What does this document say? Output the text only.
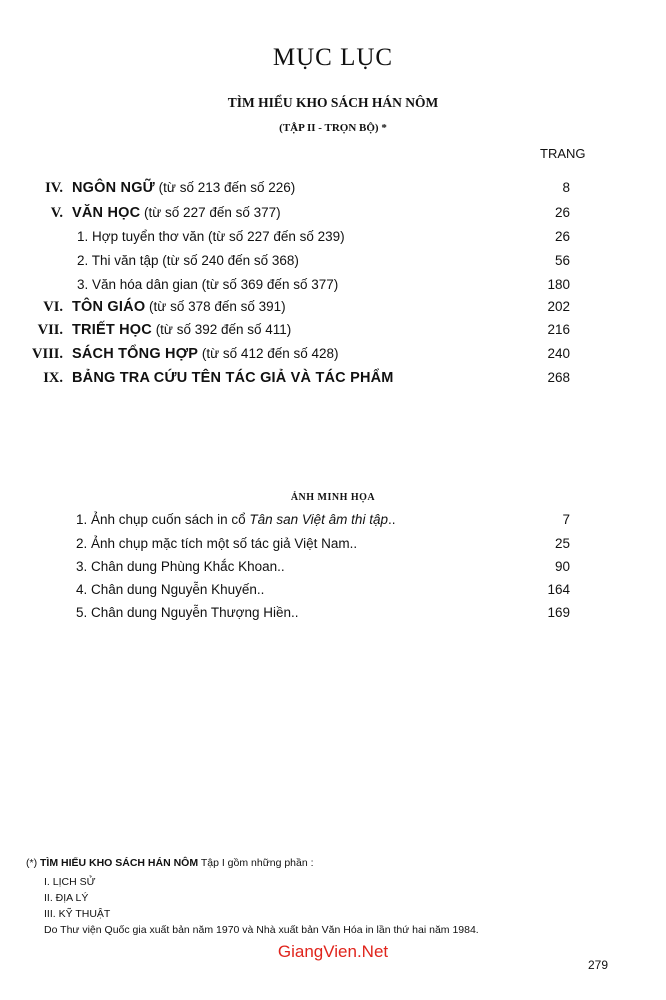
MỤC LỤC
TÌM HIỂU KHO SÁCH HÁN NÔM
(TẬP II - TRỌN BỘ) *
TRANG
IV. NGÔN NGỮ (từ số 213 đến số 226)	8
V. VĂN HỌC (từ số 227 đến số 377)	26
1. Hợp tuyển thơ văn (từ số 227 đến số 239)	26
2. Thi văn tập (từ số 240 đến số 368)	56
3. Văn hóa dân gian (từ số 369 đến số 377)	180
VI. TÔN GIÁO (từ số 378 đến số 391)	202
VII. TRIẾT HỌC (từ số 392 đến số 411)	216
VIII. SÁCH TỔNG HỢP (từ số 412 đến số 428)	240
IX. BẢNG TRA CỨU TÊN TÁC GIẢ VÀ TÁC PHẨM	268
ẢNH MINH HỌA
1. Ảnh chụp cuốn sách in cổ Tân san Việt âm thi tập..	7
2. Ảnh chụp mặc tích một số tác giả Việt Nam..	25
3. Chân dung Phùng Khắc Khoan..	90
4. Chân dung Nguyễn Khuyến..	164
5. Chân dung Nguyễn Thượng Hiền..	169
(*) TÌM HIỂU KHO SÁCH HÁN NÔM Tập I gồm những phần :
I. LỊCH SỬ
II. ĐỊA LÝ
III. KỸ THUẬT
Do Thư viện Quốc gia xuất bản năm 1970 và Nhà xuất bản Văn Hóa in lần thứ hai năm 1984.
GiangVien.Net
279
